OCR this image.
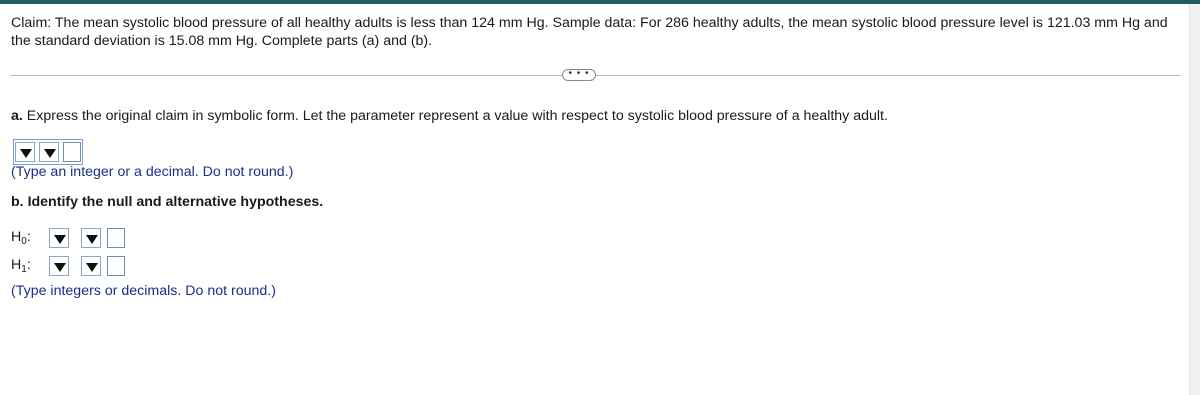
Claim: The mean systolic blood pressure of all healthy adults is less than 124 mm Hg. Sample data: For 286 healthy adults, the mean systolic blood pressure level is 121.03 mm Hg and the standard deviation is 15.08 mm Hg. Complete parts (a) and (b).
• • •
a. Express the original claim in symbolic form. Let the parameter represent a value with respect to systolic blood pressure of a healthy adult.
(Type an integer or a decimal. Do not round.)
b. Identify the null and alternative hypotheses.
$H_0$:
$H_1$:
(Type integers or decimals. Do not round.)
